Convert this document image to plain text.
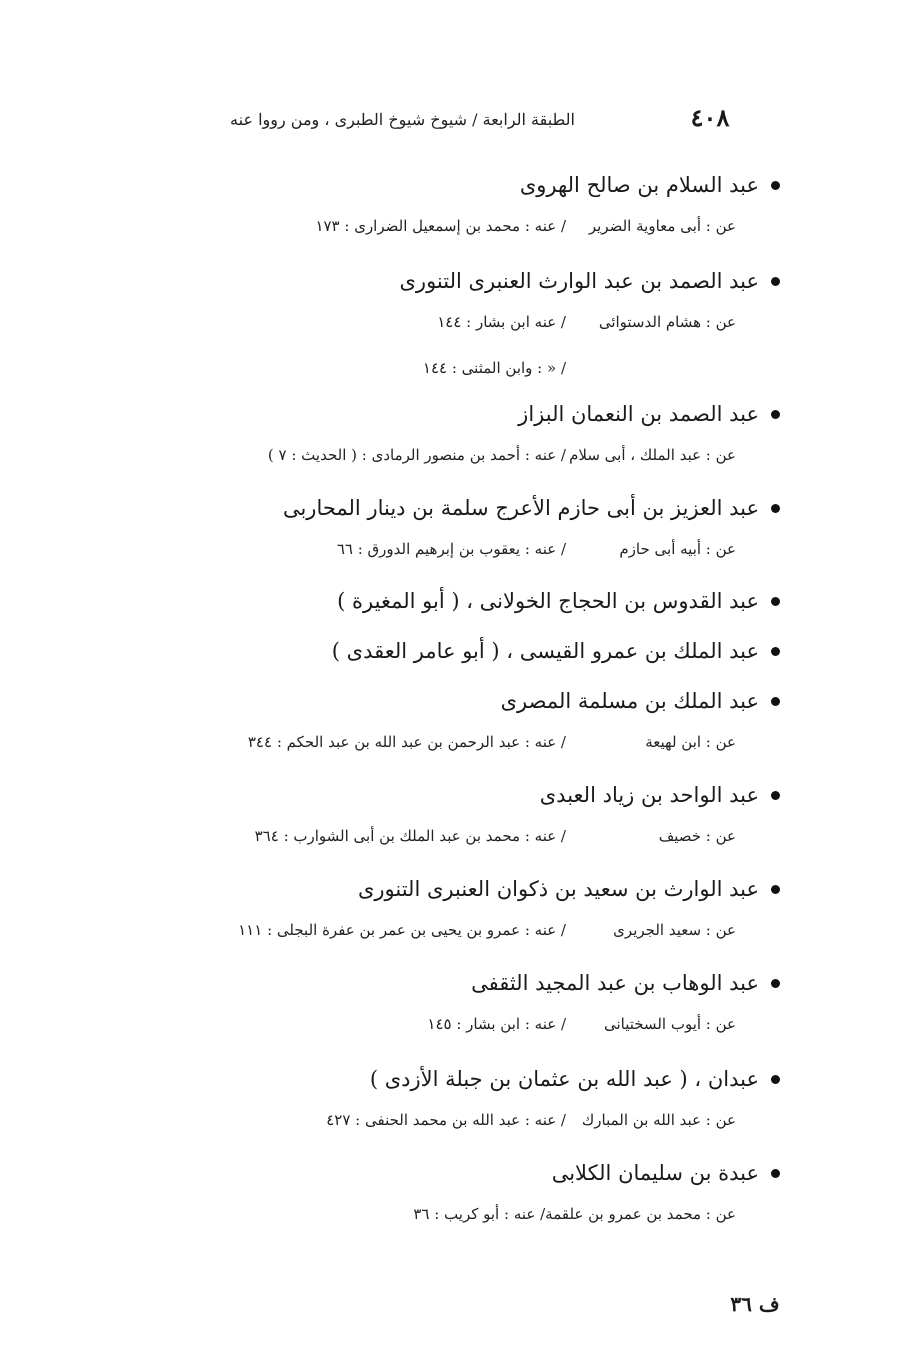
٤٠٨
الطبقة الرابعة / شيوخ شيوخ الطبرى ، ومن رووا عنه
عبد السلام بن صالح الهروى
عن : أبى معاوية الضرير
/ عنه : محمد بن إسمعيل الضرارى : ١٧٣
عبد الصمد بن عبد الوارث العنبرى التنورى
عن : هشام الدستوائى
/ عنه ابن بشار : ١٤٤
/ « : وابن المثنى : ١٤٤
عبد الصمد بن النعمان البزاز
عن : عبد الملك ، أبى سلام
/ عنه : أحمد بن منصور الرمادى : ( الحديث : ٧ )
عبد العزيز بن أبى حازم الأعرج سلمة بن دينار المحاربى
عن : أبيه أبى حازم
/ عنه : يعقوب بن إبرهيم الدورق : ٦٦
عبد القدوس بن الحجاج الخولانى ، ( أبو المغيرة )
عبد الملك بن عمرو القيسى ، ( أبو عامر العقدى )
عبد الملك بن مسلمة المصرى
عن : ابن لهيعة
/ عنه : عبد الرحمن بن عبد الله بن عبد الحكم : ٣٤٤
عبد الواحد بن زياد العبدى
عن : خصيف
/ عنه : محمد بن عبد الملك بن أبى الشوارب : ٣٦٤
عبد الوارث بن سعيد بن ذكوان العنبرى التنورى
عن : سعيد الجريرى
/ عنه : عمرو بن يحيى بن عمر بن عفرة البجلى : ١١١
عبد الوهاب بن عبد المجيد الثقفى
عن : أيوب السختيانى
/ عنه : ابن بشار : ١٤٥
عبدان ، ( عبد الله بن عثمان بن جبلة الأزدى )
عن : عبد الله بن المبارك
/ عنه : عبد الله بن محمد الحنفى : ٤٢٧
عبدة بن سليمان الكلابى
عن : محمد بن عمرو بن علقمة
/ عنه : أبو كريب : ٣٦
ف ٣٦
